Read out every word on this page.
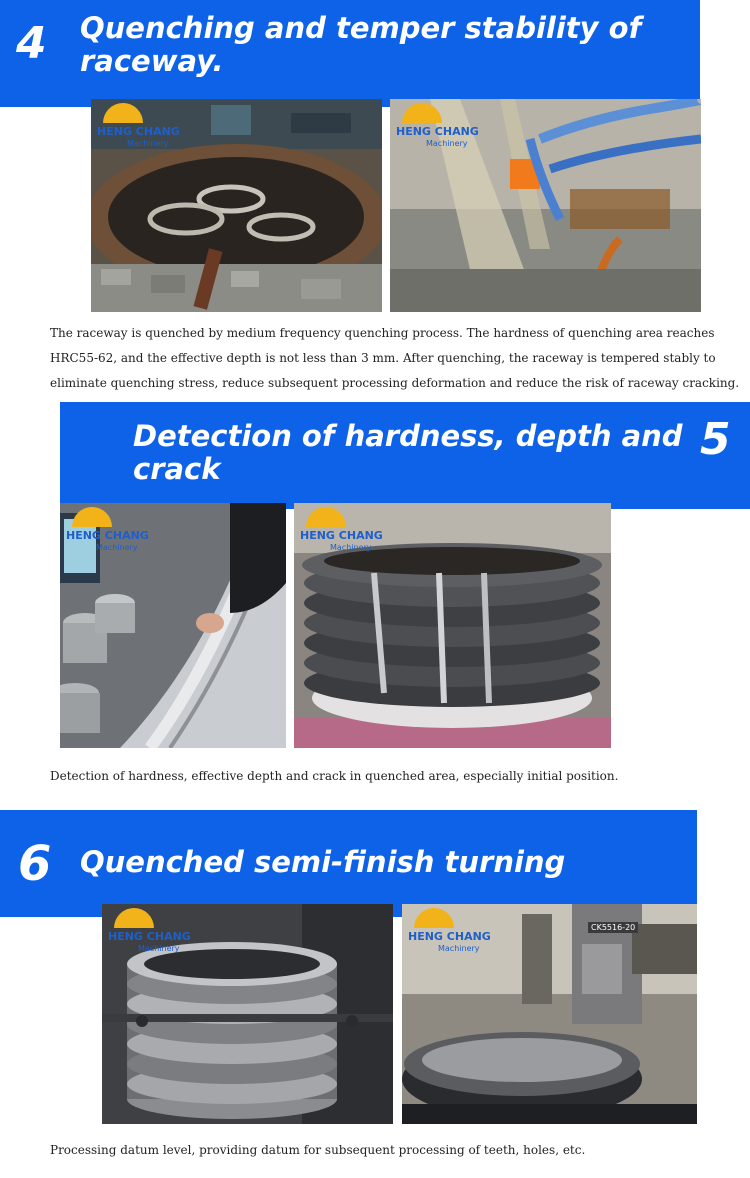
4 Quenching and temper stability of raceway.
HENG CHANG
Machinery
HENG CHANG
Machinery
The raceway is quenched by medium frequency quenching process. The hardness of quenching area reaches HRC55-62, and the effective depth is not less than 3 mm. After quenching, the raceway is tempered stably to eliminate quenching stress, reduce subsequent processing deformation and reduce the risk of raceway cracking.
Detection of hardness, depth and crack
5
HENG CHANG
Machinery
HENG CHANG
Machinery
Detection of hardness, effective depth and crack in quenched area, especially initial position.
6 Quenched semi-finish turning
HENG CHANG
Machinery
CK5516-20
HENG CHANG
Machinery
Processing datum level, providing datum for subsequent processing of teeth, holes, etc.
